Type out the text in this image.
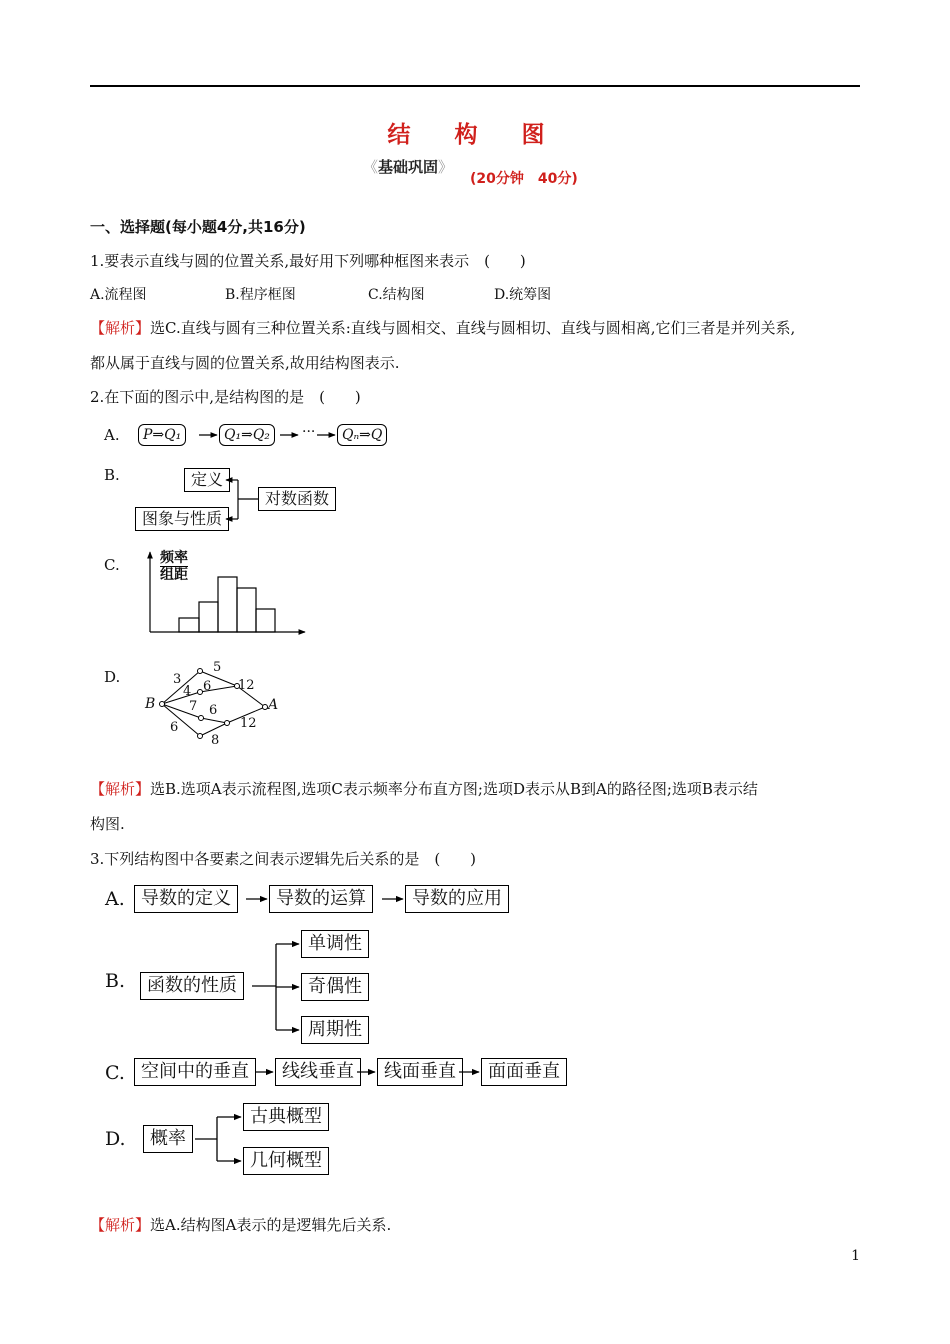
结 构 图
《基础巩固》
(20分钟　40分)
一、选择题(每小题4分,共16分)
1.要表示直线与圆的位置关系,最好用下列哪种框图来表示　(　　)
A.流程图	B.程序框图	C.结构图	D.统筹图
【解析】选C.直线与圆有三种位置关系:直线与圆相交、直线与圆相切、直线与圆相离,它们三者是并列关系,
都从属于直线与圆的位置关系,故用结构图表示.
2.在下面的图示中,是结构图的是　(　　)
A.	P⇒Q₁	Q₁⇒Q₂	···	Qₙ⇒Q
B.	定义
图象与性质
对数函数
C.	频率
组距
D.
B	A
3
5
4 6 12
7 6
6
8
12
【解析】选B.选项A表示流程图,选项C表示频率分布直方图;选项D表示从B到A的路径图;选项B表示结
构图.
3.下列结构图中各要素之间表示逻辑先后关系的是　(　　)
A. 导数的定义	导数的运算	导数的应用
B.	函数的性质
单调性
奇偶性
周期性
C. 空间中的垂直	线线垂直	线面垂直	面面垂直
D.	概率
古典概型
几何概型
【解析】选A.结构图A表示的是逻辑先后关系.
1
